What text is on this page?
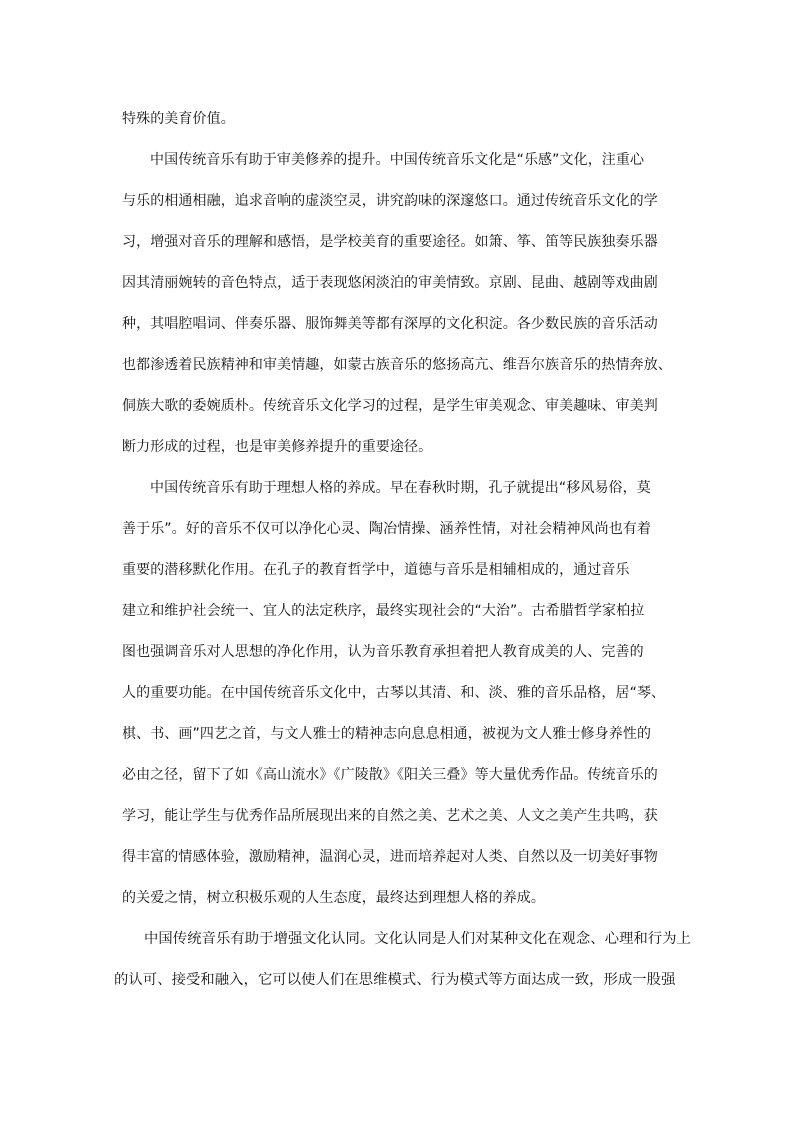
特殊的美育价值。

中国传统音乐有助于审美修养的提升。中国传统音乐文化是“乐感”文化，注重心

与乐的相通相融，追求音响的虚淡空灵，讲究韵味的深邃悠口。通过传统音乐文化的学

习，增强对音乐的理解和感悟，是学校美育的重要途径。如箫、筝、笛等民族独奏乐器

因其清丽婉转的音色特点，适于表现悠闲淡泊的审美情致。京剧、昆曲、越剧等戏曲剧

种，其唱腔唱词、伴奏乐器、服饰舞美等都有深厚的文化积淀。各少数民族的音乐活动

也都渗透着民族精神和审美情趣，如蒙古族音乐的悠扬高亢、维吾尔族音乐的热情奔放、

侗族大歌的委婉质朴。传统音乐文化学习的过程，是学生审美观念、审美趣味、审美判

断力形成的过程，也是审美修养提升的重要途径。

中国传统音乐有助于理想人格的养成。早在春秋时期，孔子就提出“移风易俗，莫

善于乐”。好的音乐不仅可以净化心灵、陶冶情操、涵养性情，对社会精神风尚也有着

重要的潜移默化作用。在孔子的教育哲学中，道德与音乐是相辅相成的，通过音乐

建立和维护社会统一、宜人的法定秩序，最终实现社会的“大治”。古希腊哲学家柏拉

图也强调音乐对人思想的净化作用，认为音乐教育承担着把人教育成美的人、完善的

人的重要功能。在中国传统音乐文化中，古琴以其清、和、淡、雅的音乐品格，居“琴、

棋、书、画”四艺之首，与文人雅士的精神志向息息相通，被视为文人雅士修身养性的

必由之径，留下了如《高山流水》《广陵散》《阳关三叠》等大量优秀作品。传统音乐的

学习，能让学生与优秀作品所展现出来的自然之美、艺术之美、人文之美产生共鸣，获

得丰富的情感体验，激励精神，温润心灵，进而培养起对人类、自然以及一切美好事物

的关爱之情，树立积极乐观的人生态度，最终达到理想人格的养成。

中国传统音乐有助于增强文化认同。文化认同是人们对某种文化在观念、心理和行为上

的认可、接受和融入，它可以使人们在思维模式、行为模式等方面达成一致，形成一股强
